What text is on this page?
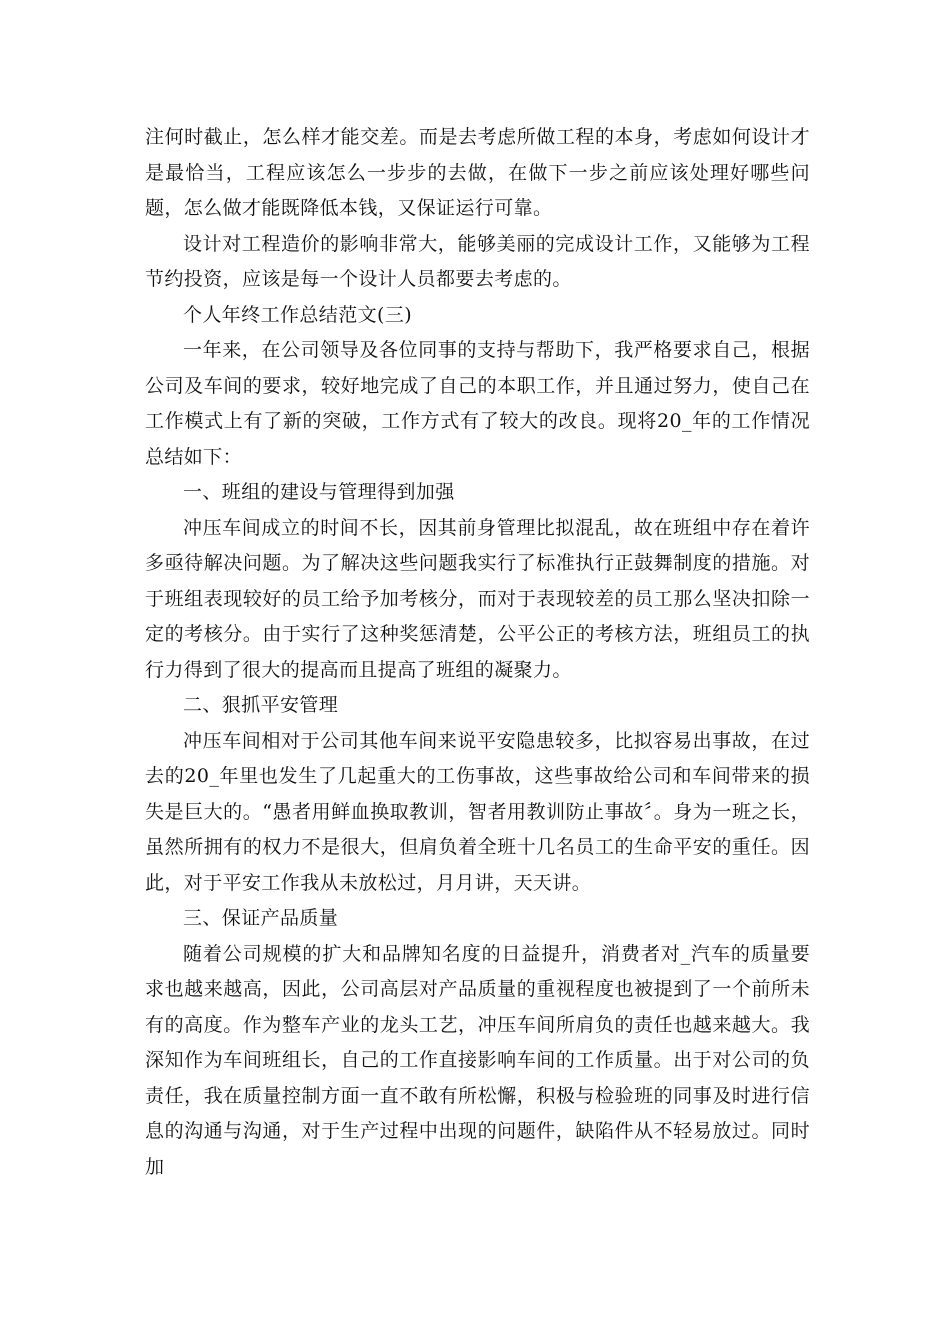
注何时截止，怎么样才能交差。而是去考虑所做工程的本身，考虑如何设计才是最恰当，工程应该怎么一步步的去做，在做下一步之前应该处理好哪些问题，怎么做才能既降低本钱，又保证运行可靠。

设计对工程造价的影响非常大，能够美丽的完成设计工作，又能够为工程节约投资，应该是每一个设计人员都要去考虑的。

个人年终工作总结范文(三)

一年来，在公司领导及各位同事的支持与帮助下，我严格要求自己，根据公司及车间的要求，较好地完成了自己的本职工作，并且通过努力，使自己在工作模式上有了新的突破，工作方式有了较大的改良。现将20_年的工作情况总结如下：

一、班组的建设与管理得到加强

冲压车间成立的时间不长，因其前身管理比拟混乱，故在班组中存在着许多亟待解决问题。为了解决这些问题我实行了标准执行正鼓舞制度的措施。对于班组表现较好的员工给予加考核分，而对于表现较差的员工那么坚决扣除一定的考核分。由于实行了这种奖惩清楚，公平公正的考核方法，班组员工的执行力得到了很大的提高而且提高了班组的凝聚力。

二、狠抓平安管理

冲压车间相对于公司其他车间来说平安隐患较多，比拟容易出事故，在过去的20_年里也发生了几起重大的工伤事故，这些事故给公司和车间带来的损失是巨大的。“愚者用鲜血换取教训，智者用教训防止事故〞。身为一班之长，虽然所拥有的权力不是很大，但肩负着全班十几名员工的生命平安的重任。因此，对于平安工作我从未放松过，月月讲，天天讲。

三、保证产品质量

随着公司规模的扩大和品牌知名度的日益提升，消费者对_汽车的质量要求也越来越高，因此，公司高层对产品质量的重视程度也被提到了一个前所未有的高度。作为整车产业的龙头工艺，冲压车间所肩负的责任也越来越大。我深知作为车间班组长，自己的工作直接影响车间的工作质量。出于对公司的负责任，我在质量控制方面一直不敢有所松懈，积极与检验班的同事及时进行信息的沟通与沟通，对于生产过程中出现的问题件，缺陷件从不轻易放过。同时加
